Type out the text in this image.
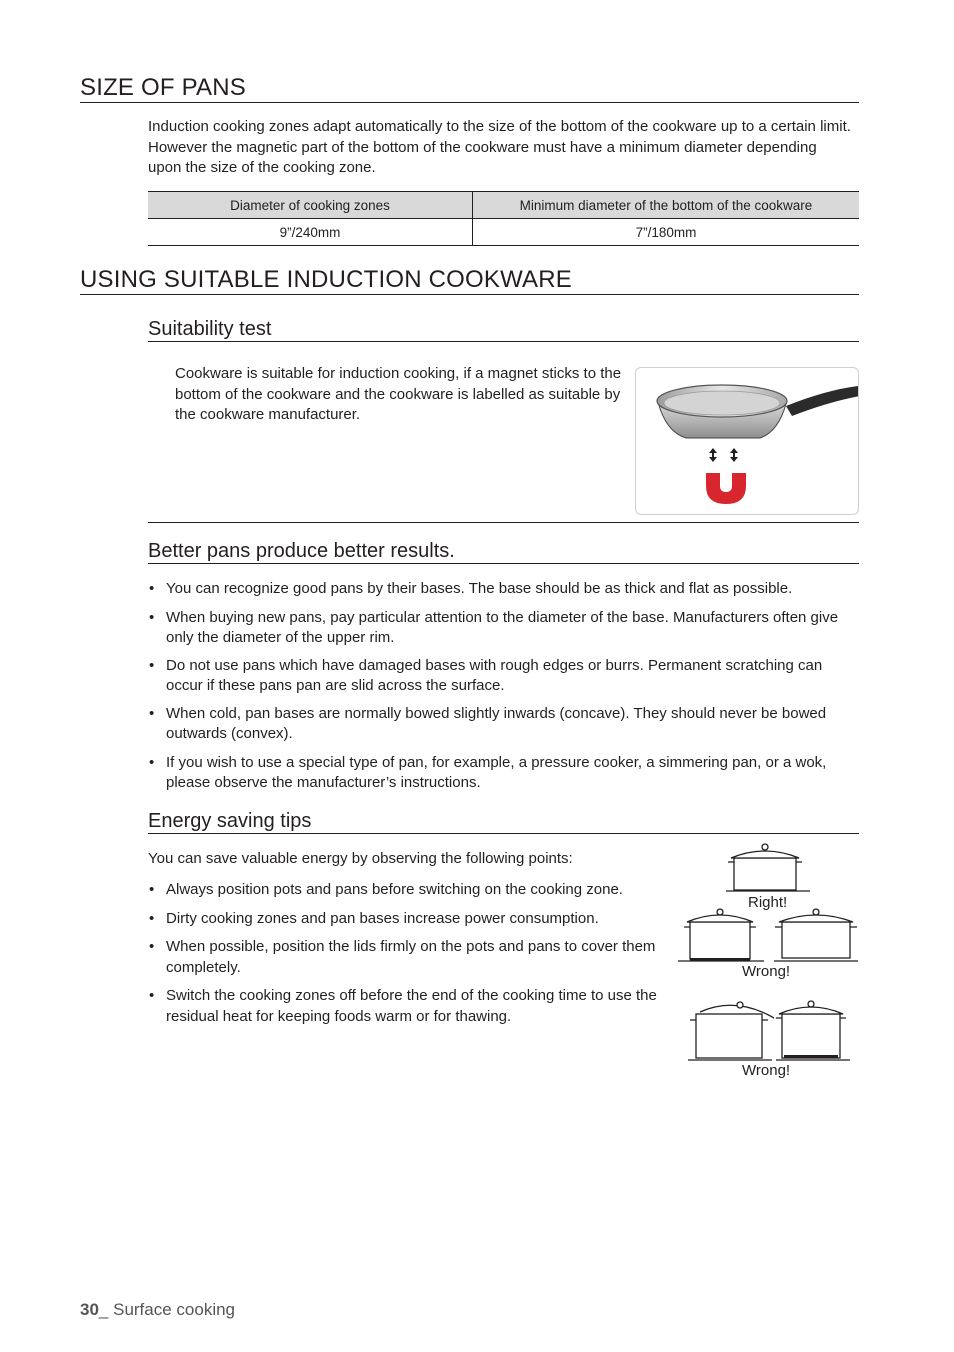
SIZE OF PANS
Induction cooking zones adapt automatically to the size of the bottom of the cookware up to a certain limit. However the magnetic part of the bottom of the cookware must have a minimum diameter depending upon the size of the cooking zone.
Diameter of cooking zones	Minimum diameter of the bottom of the cookware
9”/240mm	7”/180mm
USING SUITABLE INDUCTION COOKWARE
Suitability test
Cookware is suitable for induction cooking, if a magnet sticks to the bottom of the cookware and the cookware is labelled as suitable by the cookware manufacturer.
Better pans produce better results.
• You can recognize good pans by their bases. The base should be as thick and flat as possible.
• When buying new pans, pay particular attention to the diameter of the base. Manufacturers often give only the diameter of the upper rim.
• Do not use pans which have damaged bases with rough edges or burrs. Permanent scratching can occur if these pans pan are slid across the surface.
• When cold, pan bases are normally bowed slightly inwards (concave). They should never be bowed outwards (convex).
• If you wish to use a special type of pan, for example, a pressure cooker, a simmering pan, or a wok, please observe the manufacturer’s instructions.
Energy saving tips
You can save valuable energy by observing the following points:
• Always position pots and pans before switching on the cooking zone.
• Dirty cooking zones and pan bases increase power consumption.
• When possible, position the lids firmly on the pots and pans to cover them completely.
• Switch the cooking zones off before the end of the cooking time to use the residual heat for keeping foods warm or for thawing.
Right!
Wrong!
Wrong!
30_ Surface cooking
